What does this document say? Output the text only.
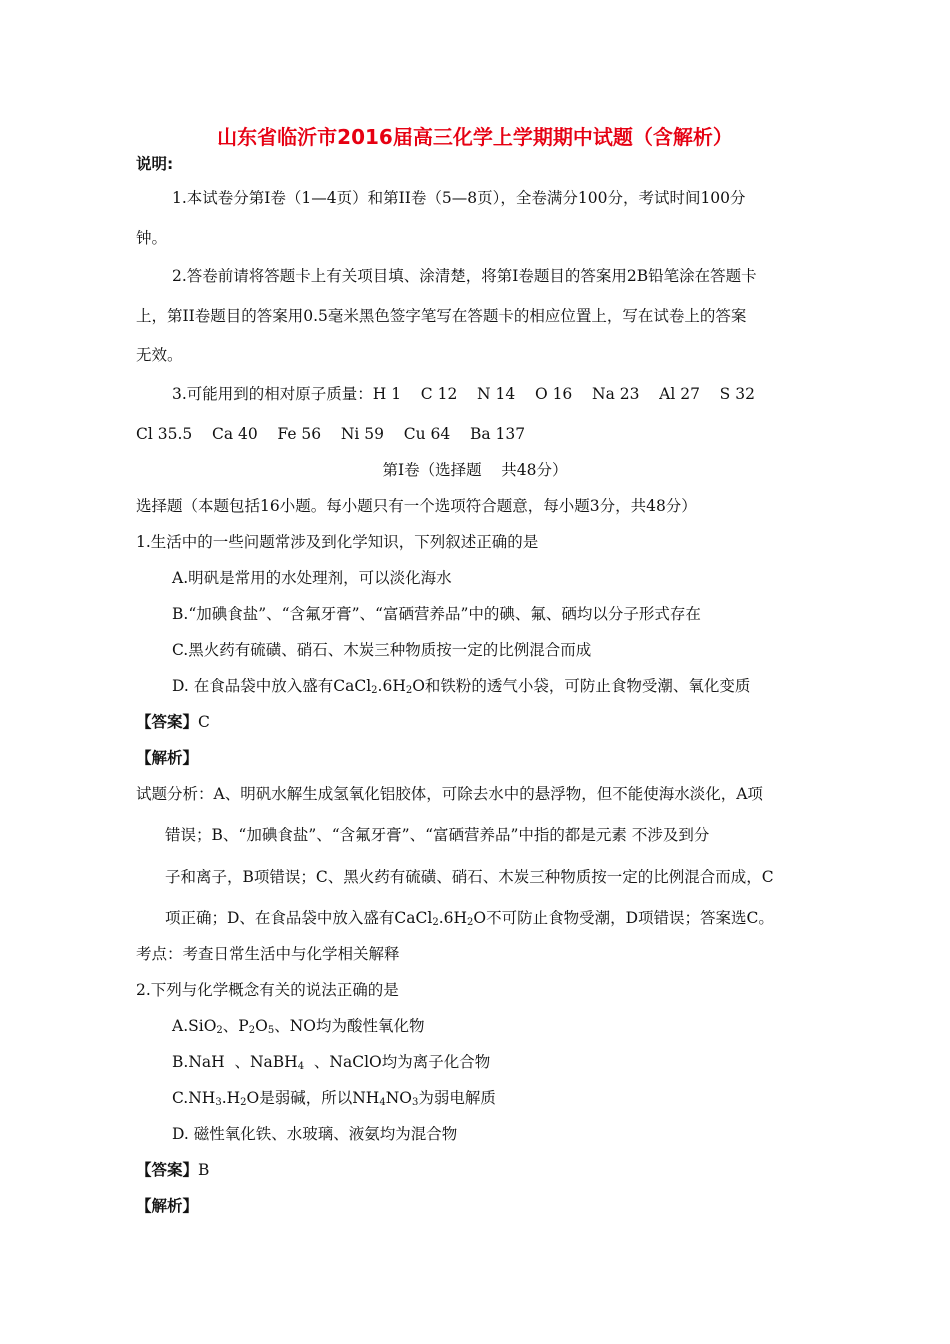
山东省临沂市2016届高三化学上学期期中试题（含解析）
说明:
1.本试卷分第I卷（1—4页）和第II卷（5—8页），全卷满分100分，考试时间100分
钟。
2.答卷前请将答题卡上有关项目填、涂清楚，将第I卷题目的答案用2B铅笔涂在答题卡
上，第II卷题目的答案用0.5毫米黑色签字笔写在答题卡的相应位置上，写在试卷上的答案
无效。
3.可能用到的相对原子质量：H 1    C 12    N 14    O 16    Na 23    Al 27    S 32
Cl 35.5    Ca 40    Fe 56    Ni 59    Cu 64    Ba 137
第I卷（选择题    共48分）
选择题（本题包括16小题。每小题只有一个选项符合题意，每小题3分，共48分）
1.生活中的一些问题常涉及到化学知识，下列叙述正确的是
A.明矾是常用的水处理剂，可以淡化海水
B.“加碘食盐”、“含氟牙膏”、“富硒营养品”中的碘、氟、硒均以分子形式存在
C.黑火药有硫磺、硝石、木炭三种物质按一定的比例混合而成
D. 在食品袋中放入盛有$CaCl_2.6H_2O$和铁粉的透气小袋，可防止食物受潮、氧化变质
【答案】C
【解析】
试题分析：A、明矾水解生成氢氧化铝胶体，可除去水中的悬浮物，但不能使海水淡化，A项
错误；B、“加碘食盐”、“含氟牙膏”、“富硒营养品”中指的都是元素 不涉及到分
子和离子，B项错误；C、黑火药有硫磺、硝石、木炭三种物质按一定的比例混合而成，C
项正确；D、在食品袋中放入盛有$CaCl_2.6H_2O$不可防止食物受潮，D项错误；答案选C。
考点：考查日常生活中与化学相关解释
2.下列与化学概念有关的说法正确的是
A.SiO$_2$、$P_2O_5$、NO均为酸性氧化物
B.NaH  、NaBH$_4$  、NaClO均为离子化合物
$C.NH_3.H_2O$是弱碱，所以$NH_4NO_3$为弱电解质
D. 磁性氧化铁、水玻璃、液氨均为混合物
【答案】B
【解析】
